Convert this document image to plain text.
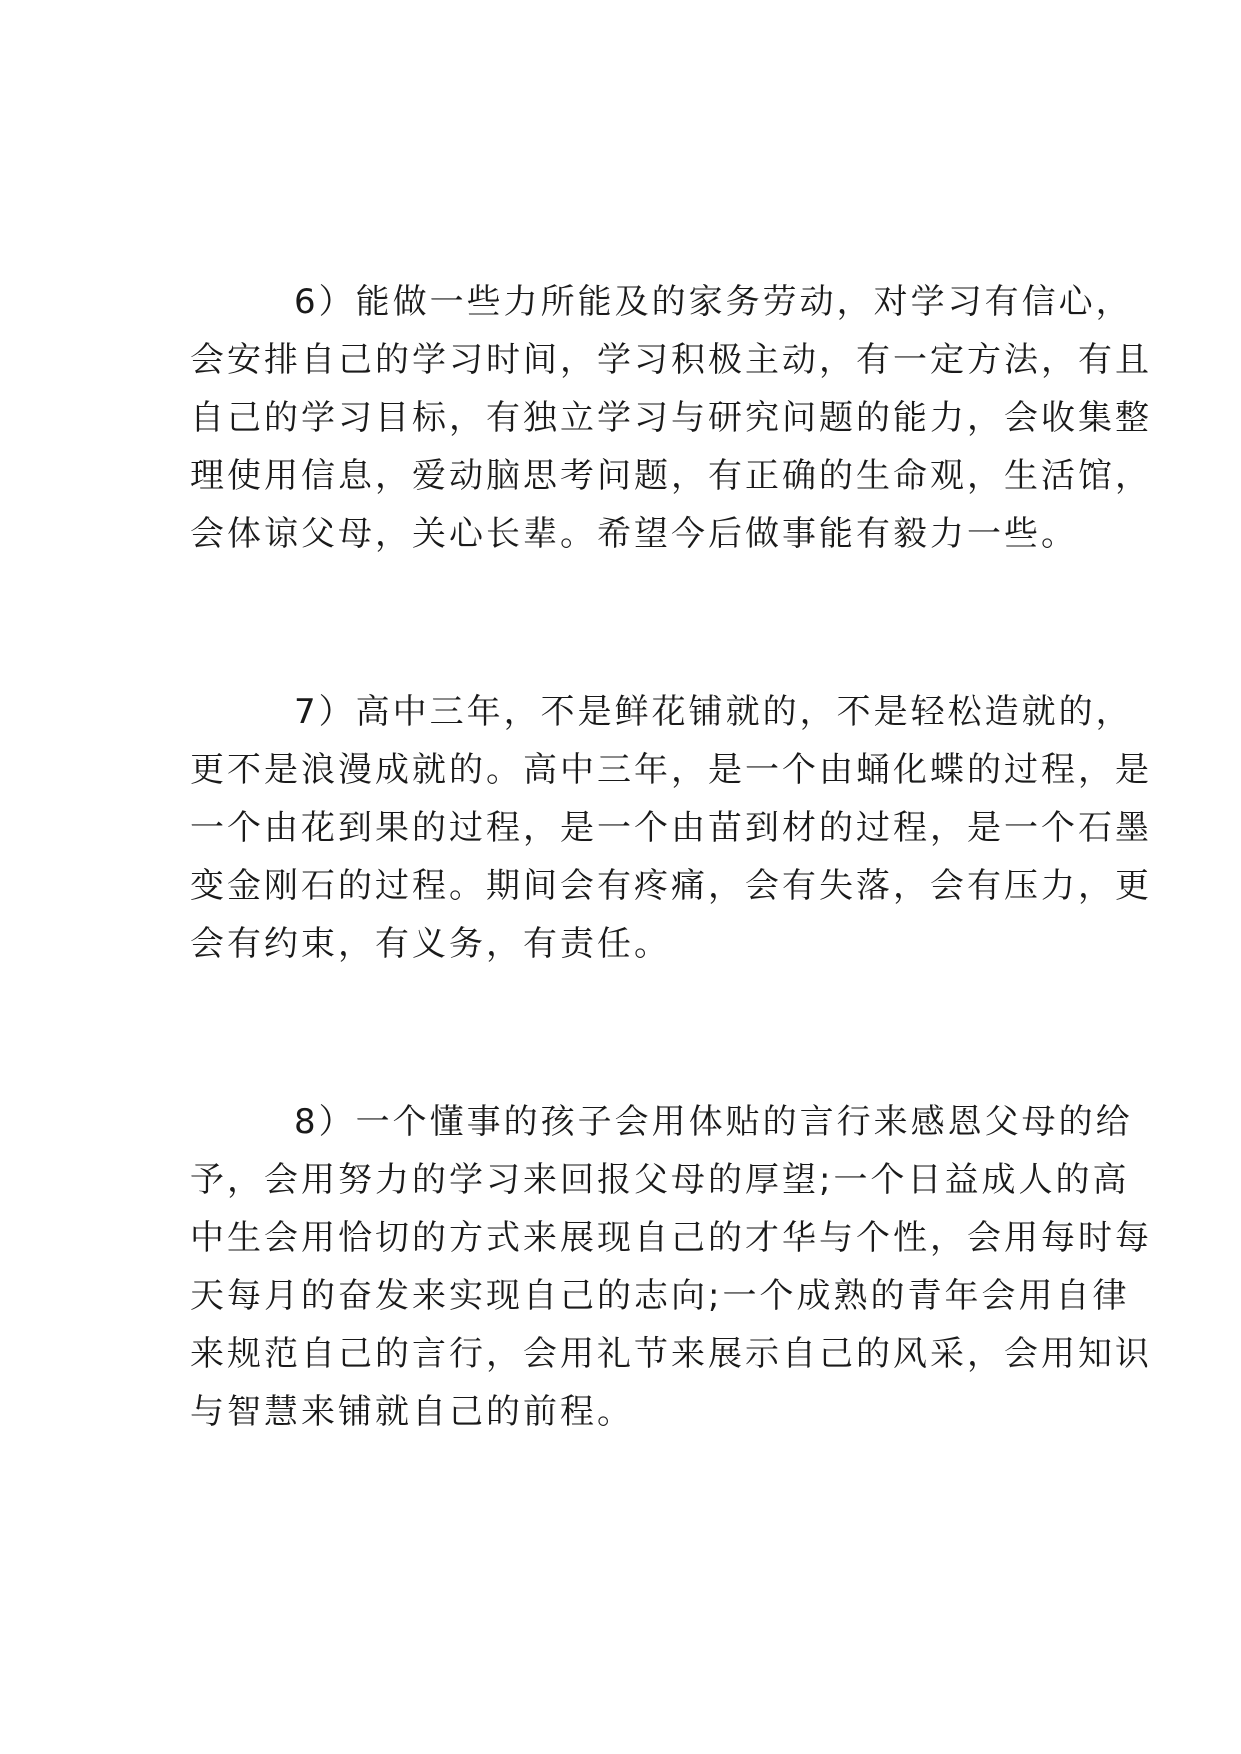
6）能做一些力所能及的家务劳动，对学习有信心，
会安排自己的学习时间，学习积极主动，有一定方法，有且
自己的学习目标，有独立学习与研究问题的能力，会收集整
理使用信息，爱动脑思考问题，有正确的生命观，生活馆，
会体谅父母，关心长辈。希望今后做事能有毅力一些。
7）高中三年，不是鲜花铺就的，不是轻松造就的，
更不是浪漫成就的。高中三年，是一个由蛹化蝶的过程，是
一个由花到果的过程，是一个由苗到材的过程，是一个石墨
变金刚石的过程。期间会有疼痛，会有失落，会有压力，更
会有约束，有义务，有责任。
8）一个懂事的孩子会用体贴的言行来感恩父母的给
予，会用努力的学习来回报父母的厚望;一个日益成人的高
中生会用恰切的方式来展现自己的才华与个性，会用每时每
天每月的奋发来实现自己的志向;一个成熟的青年会用自律
来规范自己的言行，会用礼节来展示自己的风采，会用知识
与智慧来铺就自己的前程。
